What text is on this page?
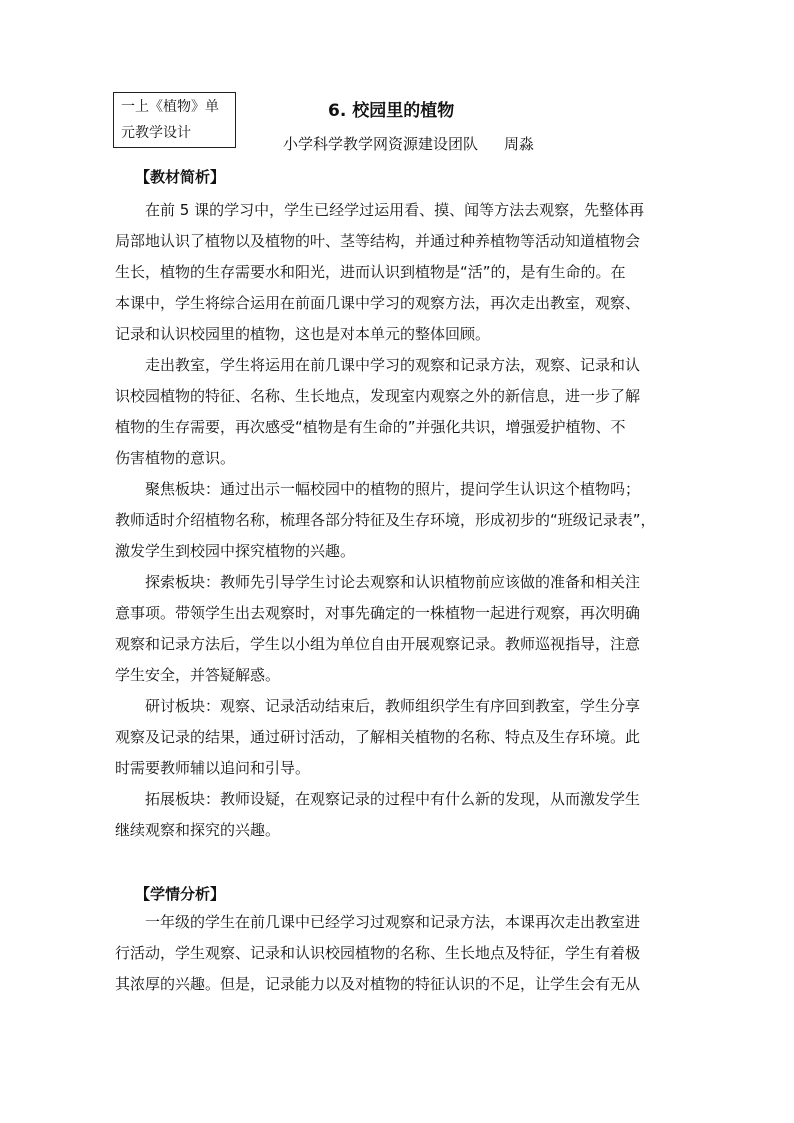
一上《植物》单
元教学设计
6. 校园里的植物
小学科学教学网资源建设团队 周淼
【教材简析】
在前 5 课的学习中，学生已经学过运用看、摸、闻等方法去观察，先整体再
局部地认识了植物以及植物的叶、茎等结构，并通过种养植物等活动知道植物会
生长，植物的生存需要水和阳光，进而认识到植物是“活”的，是有生命的。在
本课中，学生将综合运用在前面几课中学习的观察方法，再次走出教室，观察、
记录和认识校园里的植物，这也是对本单元的整体回顾。
走出教室，学生将运用在前几课中学习的观察和记录方法，观察、记录和认
识校园植物的特征、名称、生长地点，发现室内观察之外的新信息，进一步了解
植物的生存需要，再次感受“植物是有生命的”并强化共识，增强爱护植物、不
伤害植物的意识。
聚焦板块：通过出示一幅校园中的植物的照片，提问学生认识这个植物吗；
教师适时介绍植物名称，梳理各部分特征及生存环境，形成初步的“班级记录表”，
激发学生到校园中探究植物的兴趣。
探索板块：教师先引导学生讨论去观察和认识植物前应该做的准备和相关注
意事项。带领学生出去观察时，对事先确定的一株植物一起进行观察，再次明确
观察和记录方法后，学生以小组为单位自由开展观察记录。教师巡视指导，注意
学生安全，并答疑解惑。
研讨板块：观察、记录活动结束后，教师组织学生有序回到教室，学生分享
观察及记录的结果，通过研讨活动，了解相关植物的名称、特点及生存环境。此
时需要教师辅以追问和引导。
拓展板块：教师设疑，在观察记录的过程中有什么新的发现，从而激发学生
继续观察和探究的兴趣。
【学情分析】
一年级的学生在前几课中已经学习过观察和记录方法，本课再次走出教室进
行活动，学生观察、记录和认识校园植物的名称、生长地点及特征，学生有着极
其浓厚的兴趣。但是，记录能力以及对植物的特征认识的不足，让学生会有无从
